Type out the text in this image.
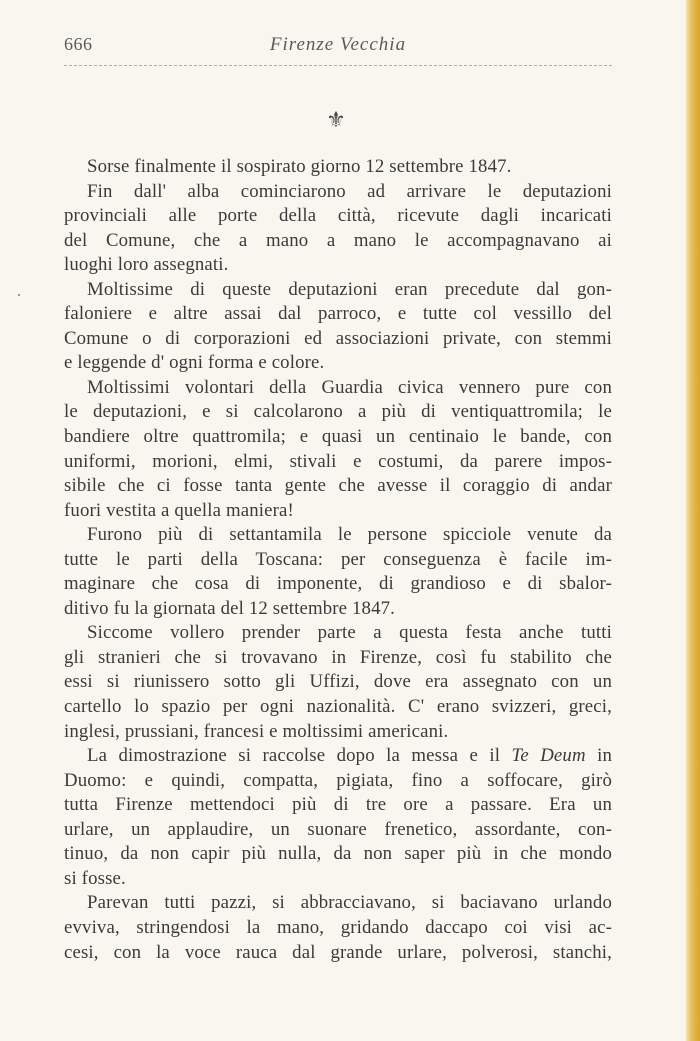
666	Firenze Vecchia
⚜
Sorse finalmente il sospirato giorno 12 settembre 1847.
Fin dall' alba cominciarono ad arrivare le deputazioni
provinciali alle porte della città, ricevute dagli incaricati
del Comune, che a mano a mano le accompagnavano ai
luoghi loro assegnati.
Moltissime di queste deputazioni eran precedute dal gon-
faloniere e altre assai dal parroco, e tutte col vessillo del
Comune o di corporazioni ed associazioni private, con stemmi
e leggende d' ogni forma e colore.
Moltissimi volontari della Guardia civica vennero pure con
le deputazioni, e si calcolarono a più di ventiquattromila; le
bandiere oltre quattromila; e quasi un centinaio le bande, con
uniformi, morioni, elmi, stivali e costumi, da parere impos-
sibile che ci fosse tanta gente che avesse il coraggio di andar
fuori vestita a quella maniera!
Furono più di settantamila le persone spicciole venute da
tutte le parti della Toscana: per conseguenza è facile im-
maginare che cosa di imponente, di grandioso e di sbalor-
ditivo fu la giornata del 12 settembre 1847.
Siccome vollero prender parte a questa festa anche tutti
gli stranieri che si trovavano in Firenze, così fu stabilito che
essi si riunissero sotto gli Uffizi, dove era assegnato con un
cartello lo spazio per ogni nazionalità. C' erano svizzeri, greci,
inglesi, prussiani, francesi e moltissimi americani.
La dimostrazione si raccolse dopo la messa e il Te Deum in
Duomo: e quindi, compatta, pigiata, fino a soffocare, girò
tutta Firenze mettendoci più di tre ore a passare. Era un
urlare, un applaudire, un suonare frenetico, assordante, con-
tinuo, da non capir più nulla, da non saper più in che mondo
si fosse.
Parevan tutti pazzi, si abbracciavano, si baciavano urlando
evviva, stringendosi la mano, gridando daccapo coi visi ac-
cesi, con la voce rauca dal grande urlare, polverosi, stanchi,
